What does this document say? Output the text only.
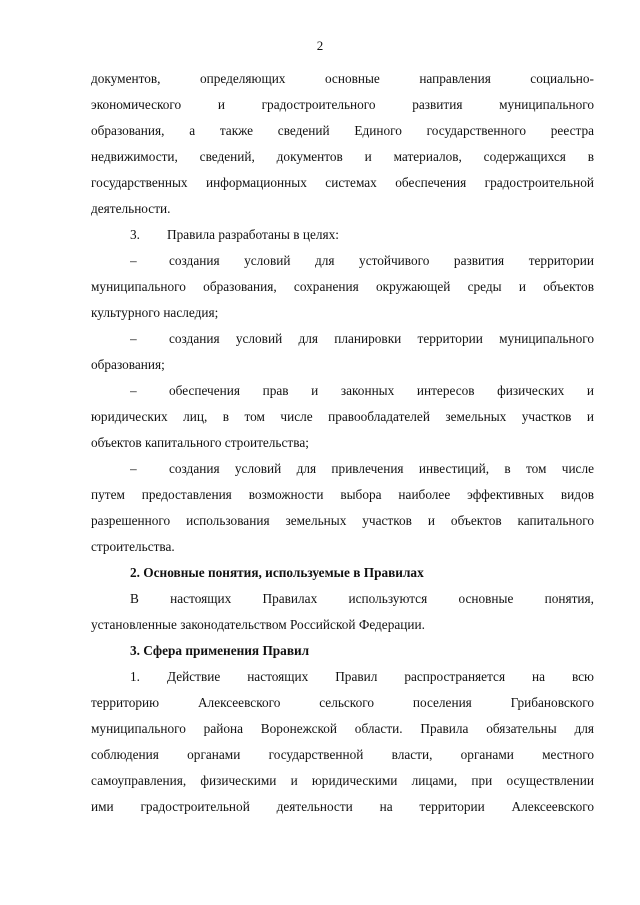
2
документов, определяющих основные направления социально-
экономического и градостроительного развития муниципального
образования, а также сведений Единого государственного реестра
недвижимости, сведений, документов и материалов, содержащихся в
государственных информационных системах обеспечения градостроительной
деятельности.
3.	Правила разработаны в целях:
–	создания условий для устойчивого развития территории
муниципального образования, сохранения окружающей среды и объектов
культурного наследия;
–	создания условий для планировки территории муниципального
образования;
–	обеспечения прав и законных интересов физических и
юридических лиц, в том числе правообладателей земельных участков и
объектов капитального строительства;
–	создания условий для привлечения инвестиций, в том числе
путем предоставления возможности выбора наиболее эффективных видов
разрешенного использования земельных участков и объектов капитального
строительства.
2. Основные понятия, используемые в Правилах
В настоящих Правилах используются основные понятия,
установленные законодательством Российской Федерации.
3. Сфера применения Правил
1.	Действие настоящих Правил распространяется на всю
территорию Алексеевского сельского поселения Грибановского
муниципального района Воронежской области. Правила обязательны для
соблюдения органами государственной власти, органами местного
самоуправления, физическими и юридическими лицами, при осуществлении
ими градостроительной деятельности на территории Алексеевского
